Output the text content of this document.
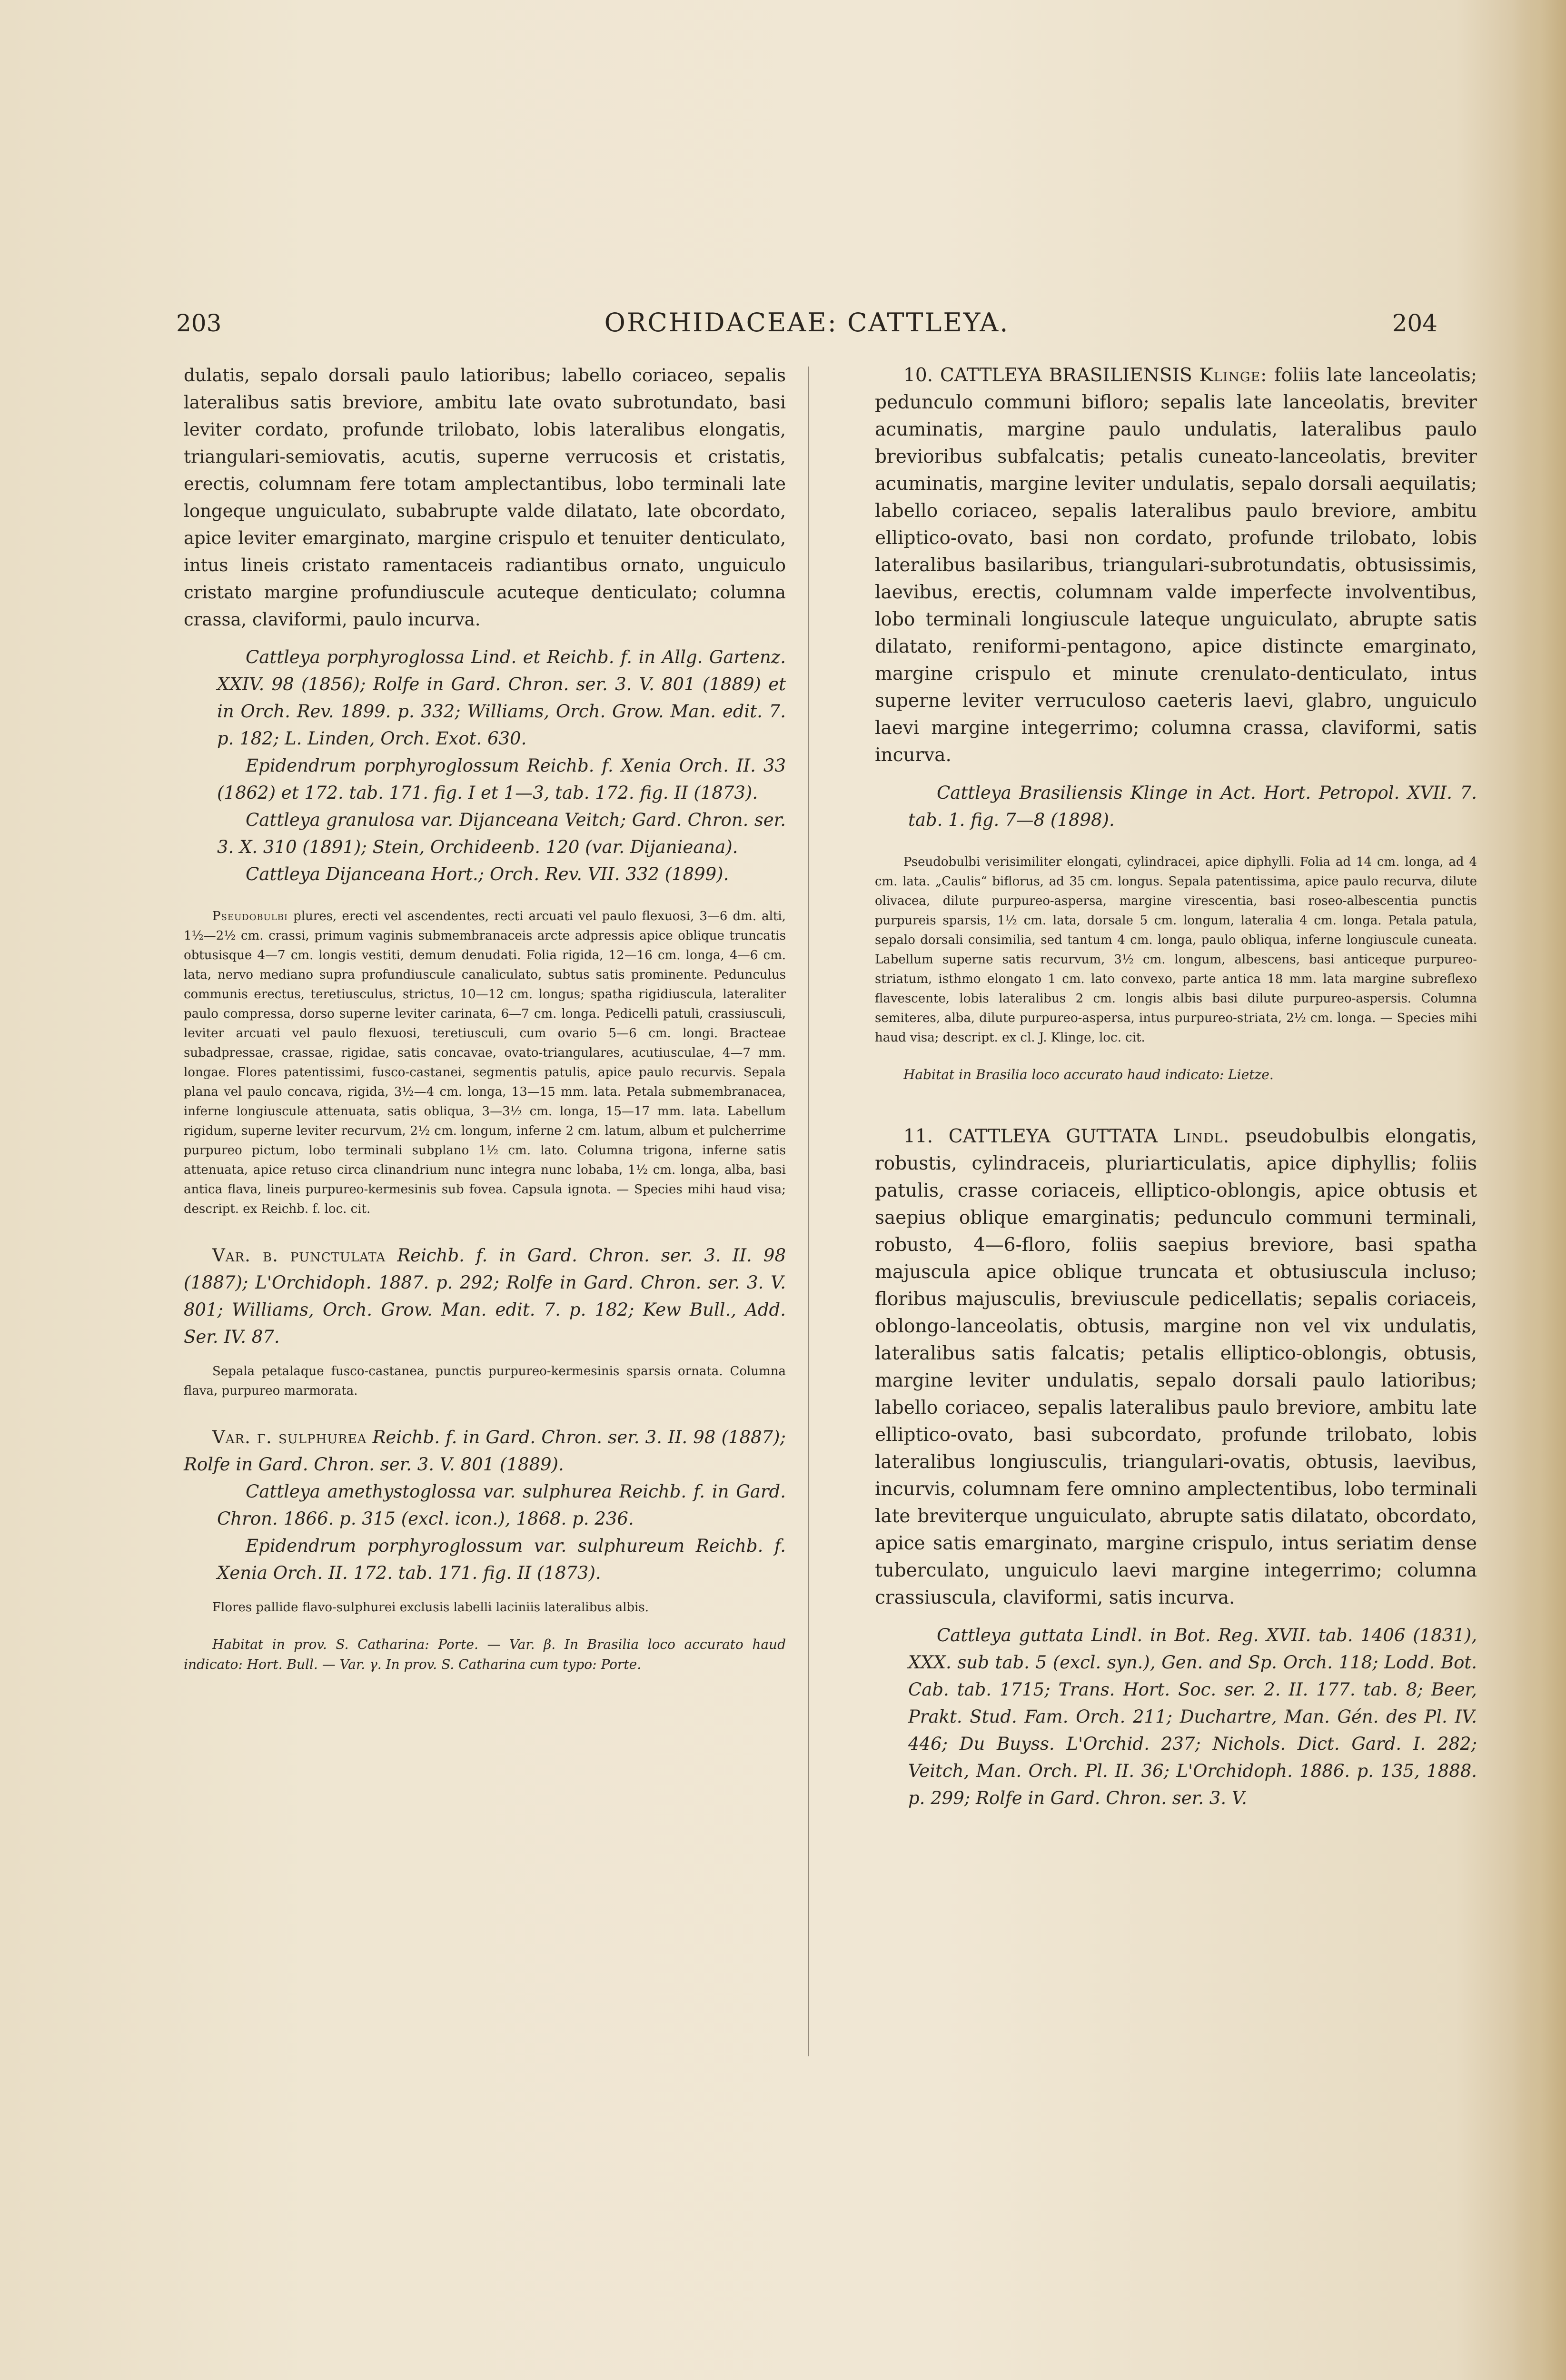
203	ORCHIDACEAE: CATTLEYA.	204

dulatis, sepalo dorsali paulo latioribus; labello coriaceo, sepalis lateralibus satis breviore, ambitu late ovato subrotundato, basi leviter cordato, profunde trilobato, lobis lateralibus elongatis, triangulari-semiovatis, acutis, superne verrucosis et cristatis, erectis, columnam fere totam amplectantibus, lobo terminali late longeque unguiculato, subabrupte valde dilatato, late obcordato, apice leviter emarginato, margine crispulo et tenuiter denticulato, intus lineis cristato ramentaceis radiantibus ornato, unguiculo cristato margine profundiuscule acuteque denticulato; columna crassa, claviformi, paulo incurva.

Cattleya porphyroglossa Lind. et Reichb. f. in Allg. Gartenz. XXIV. 98 (1856); Rolfe in Gard. Chron. ser. 3. V. 801 (1889) et in Orch. Rev. 1899. p. 332; Williams, Orch. Grow. Man. edit. 7. p. 182; L. Linden, Orch. Exot. 630.

Epidendrum porphyroglossum Reichb. f. Xenia Orch. II. 33 (1862) et 172. tab. 171. fig. I et 1—3, tab. 172. fig. II (1873).

Cattleya granulosa var. Dijanceana Veitch; Gard. Chron. ser. 3. X. 310 (1891); Stein, Orchideenb. 120 (var. Dijanieana).

Cattleya Dijanceana Hort.; Orch. Rev. VII. 332 (1899).

Pseudobulbi plures, erecti vel ascendentes, recti arcuati vel paulo flexuosi, 3—6 dm. alti, 1½—2½ cm. crassi, primum vaginis submembranaceis arcte adpressis apice oblique truncatis obtusisque 4—7 cm. longis vestiti, demum denudati. Folia rigida, 12—16 cm. longa, 4—6 cm. lata, nervo mediano supra profundiuscule canaliculato, subtus satis prominente. Pedunculus communis erectus, teretiusculus, strictus, 10—12 cm. longus; spatha rigidiuscula, lateraliter paulo compressa, dorso superne leviter carinata, 6—7 cm. longa. Pedicelli patuli, crassiusculi, leviter arcuati vel paulo flexuosi, teretiusculi, cum ovario 5—6 cm. longi. Bracteae subadpressae, crassae, rigidae, satis concavae, ovato-triangulares, acutiusculae, 4—7 mm. longae. Flores patentissimi, fusco-castanei, segmentis patulis, apice paulo recurvis. Sepala plana vel paulo concava, rigida, 3½—4 cm. longa, 13—15 mm. lata. Petala submembranacea, inferne longiuscule attenuata, satis obliqua, 3—3½ cm. longa, 15—17 mm. lata. Labellum rigidum, superne leviter recurvum, 2½ cm. longum, inferne 2 cm. latum, album et pulcherrime purpureo pictum, lobo terminali subplano 1½ cm. lato. Columna trigona, inferne satis attenuata, apice retuso circa clinandrium nunc integra nunc lobaba, 1½ cm. longa, alba, basi antica flava, lineis purpureo-kermesinis sub fovea. Capsula ignota. — Species mihi haud visa; descript. ex Reichb. f. loc. cit.

Var. β. punctulata Reichb. f. in Gard. Chron. ser. 3. II. 98 (1887); L'Orchidoph. 1887. p. 292; Rolfe in Gard. Chron. ser. 3. V. 801; Williams, Orch. Grow. Man. edit. 7. p. 182; Kew Bull., Add. Ser. IV. 87.

Sepala petalaque fusco-castanea, punctis purpureo-kermesinis sparsis ornata. Columna flava, purpureo marmorata.

Var. γ. sulphurea Reichb. f. in Gard. Chron. ser. 3. II. 98 (1887); Rolfe in Gard. Chron. ser. 3. V. 801 (1889).

Cattleya amethystoglossa var. sulphurea Reichb. f. in Gard. Chron. 1866. p. 315 (excl. icon.), 1868. p. 236.

Epidendrum porphyroglossum var. sulphureum Reichb. f. Xenia Orch. II. 172. tab. 171. fig. II (1873).

Flores pallide flavo-sulphurei exclusis labelli laciniis lateralibus albis.

Habitat in prov. S. Catharina: Porte. — Var. β. In Brasilia loco accurato haud indicato: Hort. Bull. — Var. γ. In prov. S. Catharina cum typo: Porte.

10. CATTLEYA BRASILIENSIS Klinge: foliis late lanceolatis; pedunculo communi bifloro; sepalis late lanceolatis, breviter acuminatis, margine paulo undulatis, lateralibus paulo brevioribus subfalcatis; petalis cuneato-lanceolatis, breviter acuminatis, margine leviter undulatis, sepalo dorsali aequilatis; labello coriaceo, sepalis lateralibus paulo breviore, ambitu elliptico-ovato, basi non cordato, profunde trilobato, lobis lateralibus basilaribus, triangulari-subrotundatis, obtusissimis, laevibus, erectis, columnam valde imperfecte involventibus, lobo terminali longiuscule lateque unguiculato, abrupte satis dilatato, reniformi-pentagono, apice distincte emarginato, margine crispulo et minute crenulato-denticulato, intus superne leviter verruculoso caeteris laevi, glabro, unguiculo laevi margine integerrimo; columna crassa, claviformi, satis incurva.

Cattleya Brasiliensis Klinge in Act. Hort. Petropol. XVII. 7. tab. 1. fig. 7—8 (1898).

Pseudobulbi verisimiliter elongati, cylindracei, apice diphylli. Folia ad 14 cm. longa, ad 4 cm. lata. „Caulis“ biflorus, ad 35 cm. longus. Sepala patentissima, apice paulo recurva, dilute olivacea, dilute purpureo-aspersa, margine virescentia, basi roseo-albescentia punctis purpureis sparsis, 1½ cm. lata, dorsale 5 cm. longum, lateralia 4 cm. longa. Petala patula, sepalo dorsali consimilia, sed tantum 4 cm. longa, paulo obliqua, inferne longiuscule cuneata. Labellum superne satis recurvum, 3½ cm. longum, albescens, basi anticeque purpureo-striatum, isthmo elongato 1 cm. lato convexo, parte antica 18 mm. lata margine subreflexo flavescente, lobis lateralibus 2 cm. longis albis basi dilute purpureo-aspersis. Columna semiteres, alba, dilute purpureo-aspersa, intus purpureo-striata, 2½ cm. longa. — Species mihi haud visa; descript. ex cl. J. Klinge, loc. cit.

Habitat in Brasilia loco accurato haud indicato: Lietze.

11. CATTLEYA GUTTATA Lindl. pseudobulbis elongatis, robustis, cylindraceis, pluriarticulatis, apice diphyllis; foliis patulis, crasse coriaceis, elliptico-oblongis, apice obtusis et saepius oblique emarginatis; pedunculo communi terminali, robusto, 4—6-floro, foliis saepius breviore, basi spatha majuscula apice oblique truncata et obtusiuscula incluso; floribus majusculis, breviuscule pedicellatis; sepalis coriaceis, oblongo-lanceolatis, obtusis, margine non vel vix undulatis, lateralibus satis falcatis; petalis elliptico-oblongis, obtusis, margine leviter undulatis, sepalo dorsali paulo latioribus; labello coriaceo, sepalis lateralibus paulo breviore, ambitu late elliptico-ovato, basi subcordato, profunde trilobato, lobis lateralibus longiusculis, triangulari-ovatis, obtusis, laevibus, incurvis, columnam fere omnino amplectentibus, lobo terminali late breviterque unguiculato, abrupte satis dilatato, obcordato, apice satis emarginato, margine crispulo, intus seriatim dense tuberculato, unguiculo laevi margine integerrimo; columna crassiuscula, claviformi, satis incurva.

Cattleya guttata Lindl. in Bot. Reg. XVII. tab. 1406 (1831), XXX. sub tab. 5 (excl. syn.), Gen. and Sp. Orch. 118; Lodd. Bot. Cab. tab. 1715; Trans. Hort. Soc. ser. 2. II. 177. tab. 8; Beer, Prakt. Stud. Fam. Orch. 211; Duchartre, Man. Gén. des Pl. IV. 446; Du Buyss. L'Orchid. 237; Nichols. Dict. Gard. I. 282; Veitch, Man. Orch. Pl. II. 36; L'Orchidoph. 1886. p. 135, 1888. p. 299; Rolfe in Gard. Chron. ser. 3. V.
